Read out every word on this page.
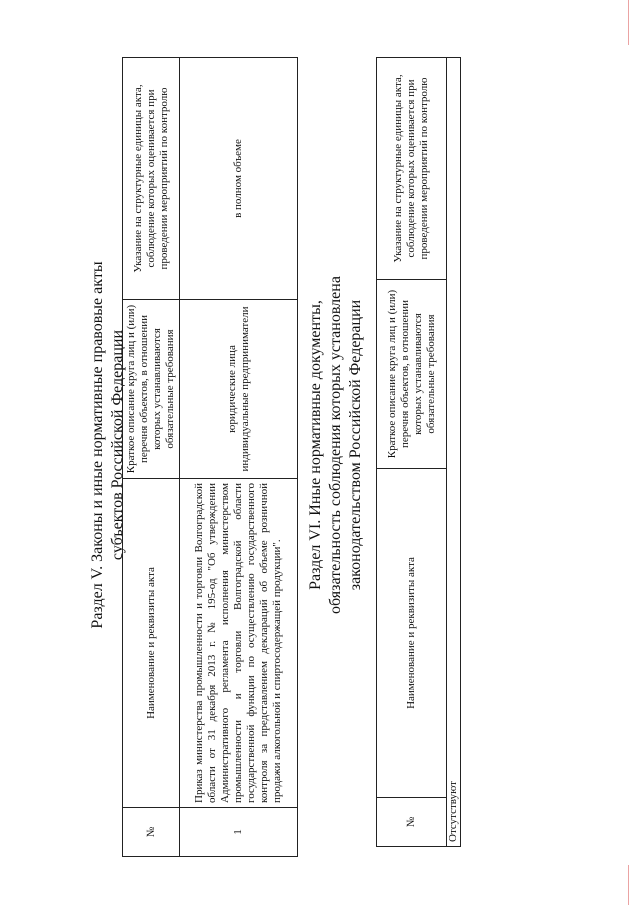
Раздел V. Законы и иные нормативные правовые акты субъектов Российской Федерации
№	Наименование и реквизиты акта	Краткое описание круга лиц и (или) перечня объектов, в отношении которых устанавливаются обязательные требования	Указание на структурные единицы акта, соблюдение которых оценивается при проведении мероприятий по контролю
1	Приказ министерства промышленности и торговли Волгоградской области от 31 декабря 2013 г. № 195-од "Об утверждении Административного регламента исполнения министерством промышленности и торговли Волгоградской области государственной функции по осуществлению государственного контроля за представлением деклараций об объеме розничной продажи алкогольной и спиртосодержащей продукции".	юридические лица индивидуальные предприниматели	в полном объеме
Раздел VI. Иные нормативные документы, обязательность соблюдения которых установлена законодательством Российской Федерации
№	Наименование и реквизиты акта	Краткое описание круга лиц и (или) перечня объектов, в отношении которых устанавливаются обязательные требования	Указание на структурные единицы акта, соблюдение которых оценивается при проведении мероприятий по контролю
Отсутствуют
